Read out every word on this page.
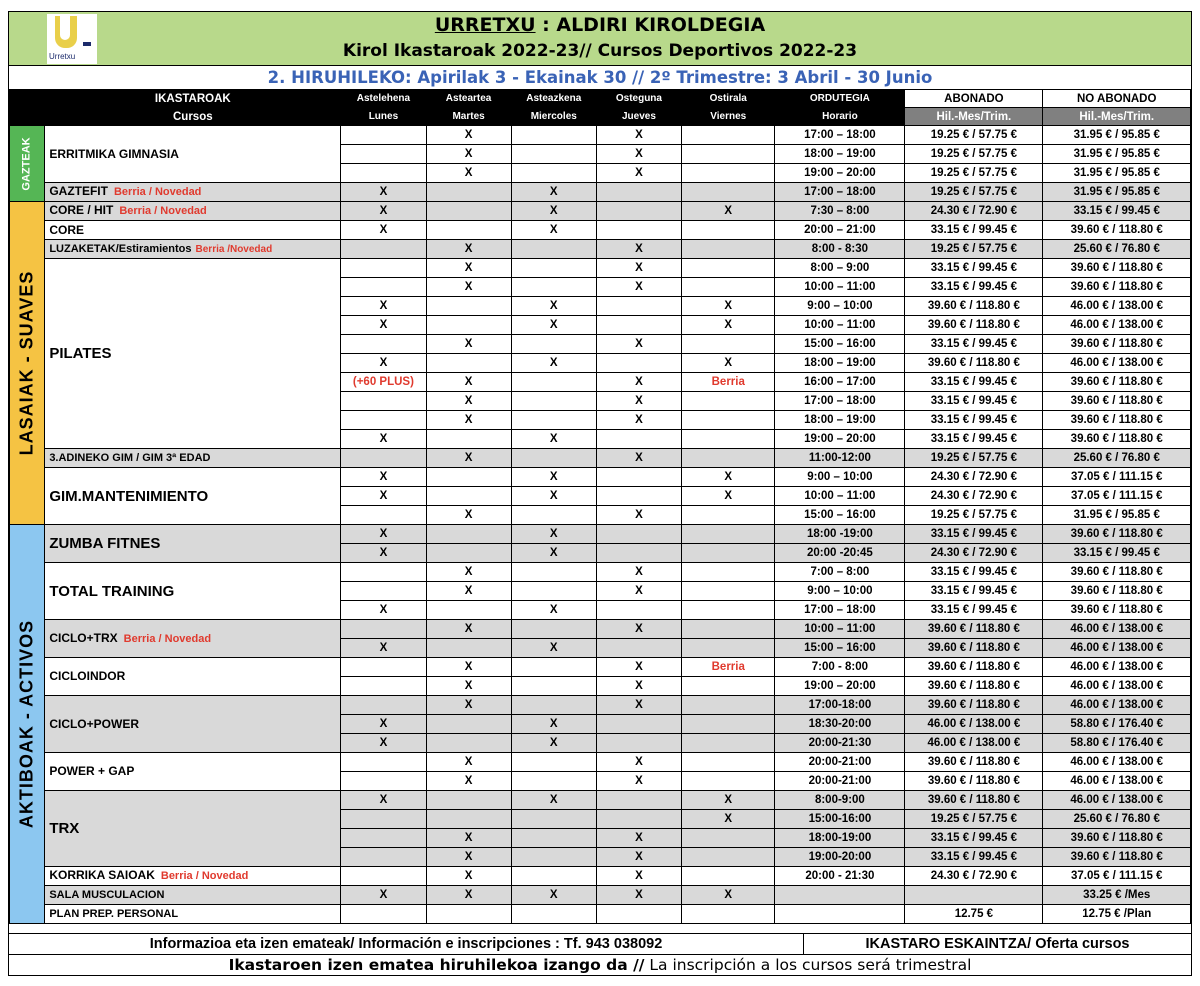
Urretxu
URRETXU : ALDIRI KIROLDEGIA
Kirol Ikastaroak 2022-23// Cursos Deportivos 2022-23
2. HIRUHILEKO: Apirilak 3 - Ekainak 30 // 2º Trimestre: 3 Abril - 30 Junio
	IKASTAROAK	Astelehena	Asteartea	Asteazkena	Osteguna	Ostirala	ORDUTEGIA	ABONADO	NO ABONADO
	Cursos	Lunes	Martes	Miercoles	Jueves	Viernes	Horario	Hil.-Mes/Trim.	Hil.-Mes/Trim.

GAZTEAK	ERRITMIKA GIMNASIA		X		X		17:00 – 18:00	19.25 € / 57.75 €	31.95 € / 95.85 €
			X		X		18:00 – 19:00	19.25 € / 57.75 €	31.95 € / 95.85 €
			X		X		19:00 – 20:00	19.25 € / 57.75 €	31.95 € / 95.85 €
	GAZTEFIT Berria / Novedad	X		X			17:00 – 18:00	19.25 € / 57.75 €	31.95 € / 95.85 €

LASAIAK - SUAVES	CORE / HIT Berria / Novedad	X		X		X	7:30 – 8:00	24.30 € / 72.90 €	33.15 € / 99.45 €
	CORE	X		X			20:00 – 21:00	33.15 € / 99.45 €	39.60 € / 118.80 €
	LUZAKETAK/Estiramientos Berria /Novedad		X		X		8:00 - 8:30	19.25 € / 57.75 €	25.60 € / 76.80 €
	PILATES		X		X		8:00 – 9:00	33.15 € / 99.45 €	39.60 € / 118.80 €
			X		X		10:00 – 11:00	33.15 € / 99.45 €	39.60 € / 118.80 €
		X		X		X	9:00 – 10:00	39.60 € / 118.80 €	46.00 € / 138.00 €
		X		X		X	10:00 – 11:00	39.60 € / 118.80 €	46.00 € / 138.00 €
			X		X		15:00 – 16:00	33.15 € / 99.45 €	39.60 € / 118.80 €
		X		X		X	18:00 – 19:00	39.60 € / 118.80 €	46.00 € / 138.00 €
		(+60 PLUS)	X		X	Berria	16:00 – 17:00	33.15 € / 99.45 €	39.60 € / 118.80 €
			X		X		17:00 – 18:00	33.15 € / 99.45 €	39.60 € / 118.80 €
			X		X		18:00 – 19:00	33.15 € / 99.45 €	39.60 € / 118.80 €
		X		X			19:00 – 20:00	33.15 € / 99.45 €	39.60 € / 118.80 €
	3.ADINEKO GIM / GIM 3ª EDAD		X		X		11:00-12:00	19.25 € / 57.75 €	25.60 € / 76.80 €
	GIM.MANTENIMIENTO	X		X		X	9:00 – 10:00	24.30 € / 72.90 €	37.05 € / 111.15 €
		X		X		X	10:00 – 11:00	24.30 € / 72.90 €	37.05 € / 111.15 €
			X		X		15:00 – 16:00	19.25 € / 57.75 €	31.95 € / 95.85 €

AKTIBOAK - ACTIVOS	ZUMBA FITNES	X		X			18:00 -19:00	33.15 € / 99.45 €	39.60 € / 118.80 €
		X		X			20:00 -20:45	24.30 € / 72.90 €	33.15 € / 99.45 €
	TOTAL TRAINING		X		X		7:00 – 8:00	33.15 € / 99.45 €	39.60 € / 118.80 €
			X		X		9:00 – 10:00	33.15 € / 99.45 €	39.60 € / 118.80 €
		X		X			17:00 – 18:00	33.15 € / 99.45 €	39.60 € / 118.80 €
	CICLO+TRX Berria / Novedad		X		X		10:00 – 11:00	39.60 € / 118.80 €	46.00 € / 138.00 €
		X		X			15:00 – 16:00	39.60 € / 118.80 €	46.00 € / 138.00 €
	CICLOINDOR		X		X	Berria	7:00 - 8:00	39.60 € / 118.80 €	46.00 € / 138.00 €
			X		X		19:00 – 20:00	39.60 € / 118.80 €	46.00 € / 138.00 €
	CICLO+POWER		X		X		17:00-18:00	39.60 € / 118.80 €	46.00 € / 138.00 €
		X		X			18:30-20:00	46.00 € / 138.00 €	58.80 € / 176.40 €
		X		X			20:00-21:30	46.00 € / 138.00 €	58.80 € / 176.40 €
	POWER + GAP		X		X		20:00-21:00	39.60 € / 118.80 €	46.00 € / 138.00 €
			X		X		20:00-21:00	39.60 € / 118.80 €	46.00 € / 138.00 €
	TRX	X		X		X	8:00-9:00	39.60 € / 118.80 €	46.00 € / 138.00 €
						X	15:00-16:00	19.25 € / 57.75 €	25.60 € / 76.80 €
			X		X		18:00-19:00	33.15 € / 99.45 €	39.60 € / 118.80 €
			X		X		19:00-20:00	33.15 € / 99.45 €	39.60 € / 118.80 €
	KORRIKA SAIOAK Berria / Novedad		X		X		20:00 - 21:30	24.30 € / 72.90 €	37.05 € / 111.15 €
	SALA MUSCULACION	X	X	X	X	X			33.25 € /Mes
	PLAN PREP. PERSONAL							12.75 €	12.75 € /Plan
Informazioa eta izen emateak/ Información e inscripciones : Tf. 943 038092	IKASTARO ESKAINTZA/ Oferta cursos
Ikastaroen izen ematea hiruhilekoa izango da // La inscripción a los cursos será trimestral
